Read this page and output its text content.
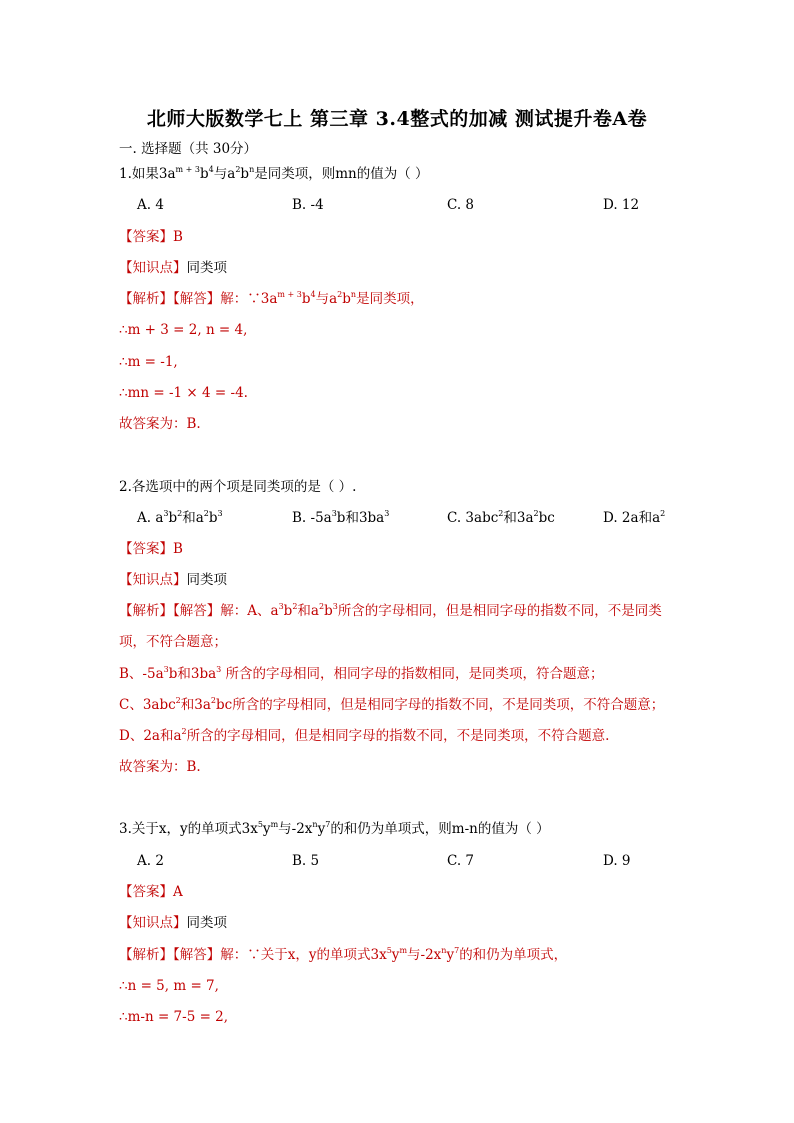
北师大版数学七上 第三章 3.4整式的加减 测试提升卷A卷
一. 选择题（共 30分）
1.如果$3a^{m + 3}b^4$与$a^2b^n$是同类项，则mn的值为（ ）
A. 4	B. -4	C. 8	D. 12
【答案】B
【知识点】同类项
【解析】【解答】解：$\because 3a^{m + 3}b^4$与$a^2b^n$是同类项，
∴m + 3 = 2, n = 4,
∴m = -1,
∴mn = -1 × 4 = -4.
故答案为：B.
2.各选项中的两个项是同类项的是（ ）.
A. $a^3b^2$和$a^2b^3$	B. $-5a^3b$和$3ba^3$	C. 3abc$^2$和$3a^2bc$	D. 2a和$a^2$
【答案】B
【知识点】同类项
【解析】【解答】解：A、$a^3b^2$和$a^2b^3$所含的字母相同，但是相同字母的指数不同，不是同类
项，不符合题意；
B、$-5a^3b$和$3ba^3$ 所含的字母相同，相同字母的指数相同，是同类项，符合题意；
C、3abc$^2$和$3a^2bc$所含的字母相同，但是相同字母的指数不同，不是同类项，不符合题意；
D、2a和$a^2$所含的字母相同，但是相同字母的指数不同，不是同类项，不符合题意.
故答案为：B.
3.关于x，y的单项式$3x^5y^m$与$-2x^ny^7$的和仍为单项式，则m-n的值为（ ）
A. 2	B. 5	C. 7	D. 9
【答案】A
【知识点】同类项
【解析】【解答】解：∵关于x，y的单项式$3x^5y^m$与$-2x^ny^7$的和仍为单项式，
∴n = 5, m = 7,
∴m-n = 7-5 = 2,
